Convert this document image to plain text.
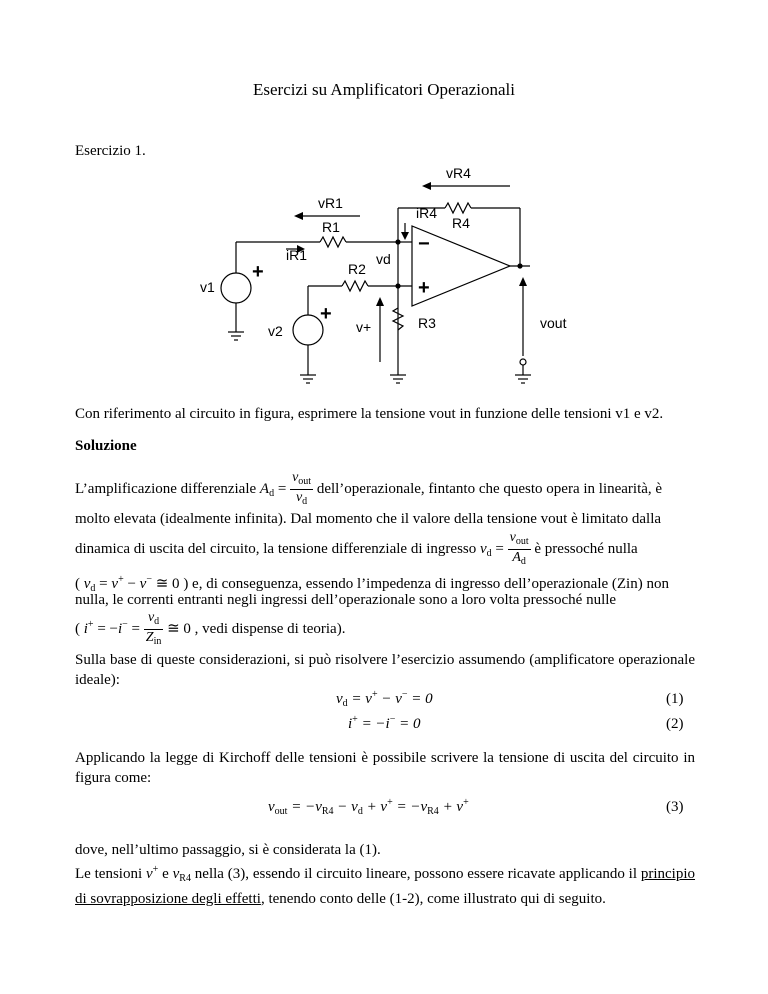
Esercizi su Amplificatori Operazionali
Esercizio 1.
vR4
vR1
iR4
R4
R1
iR1	vd
R2
v1
v2	v+	R3	vout
−
+
+
+
Con riferimento al circuito in figura, esprimere la tensione vout in funzione delle tensioni v1 e v2.
Soluzione
L’amplificazione differenziale $A_d = \frac{v_{out}}{v_d}$ dell’operazionale, fintanto che questo opera in linearità, è
molto elevata (idealmente infinita). Dal momento che il valore della tensione vout è limitato dalla
dinamica di uscita del circuito, la tensione differenziale di ingresso $v_d = \frac{v_{out}}{A_d}$ è pressoché nulla
( $v_d = v^+ - v^-$ ≅ 0 ) e, di conseguenza, essendo l’impedenza di ingresso dell’operazionale (Zin) non
nulla, le correnti entranti negli ingressi dell’operazionale sono a loro volta pressoché nulle
( $i^+ = -i^- = \frac{v_d}{Z_{in}}$ ≅ 0 , vedi dispense di teoria).
Sulla base di queste considerazioni, si può risolvere l’esercizio assumendo (amplificatore operazionale ideale):
$v_d = v^+ - v^- = 0$	(1)
i+ = −i− = 0	(2)
Applicando la legge di Kirchoff delle tensioni è possibile scrivere la tensione di uscita del circuito in figura come:
$v_{out} = -v_{R4} - v_d + v^+ = -v_{R4} + v^+$	(3)
dove, nell’ultimo passaggio, si è considerata la (1).
Le tensioni v+ e $v_{R4}$ nella (3), essendo il circuito lineare, possono essere ricavate applicando il principio di sovrapposizione degli effetti, tenendo conto delle (1-2), come illustrato qui di seguito.
